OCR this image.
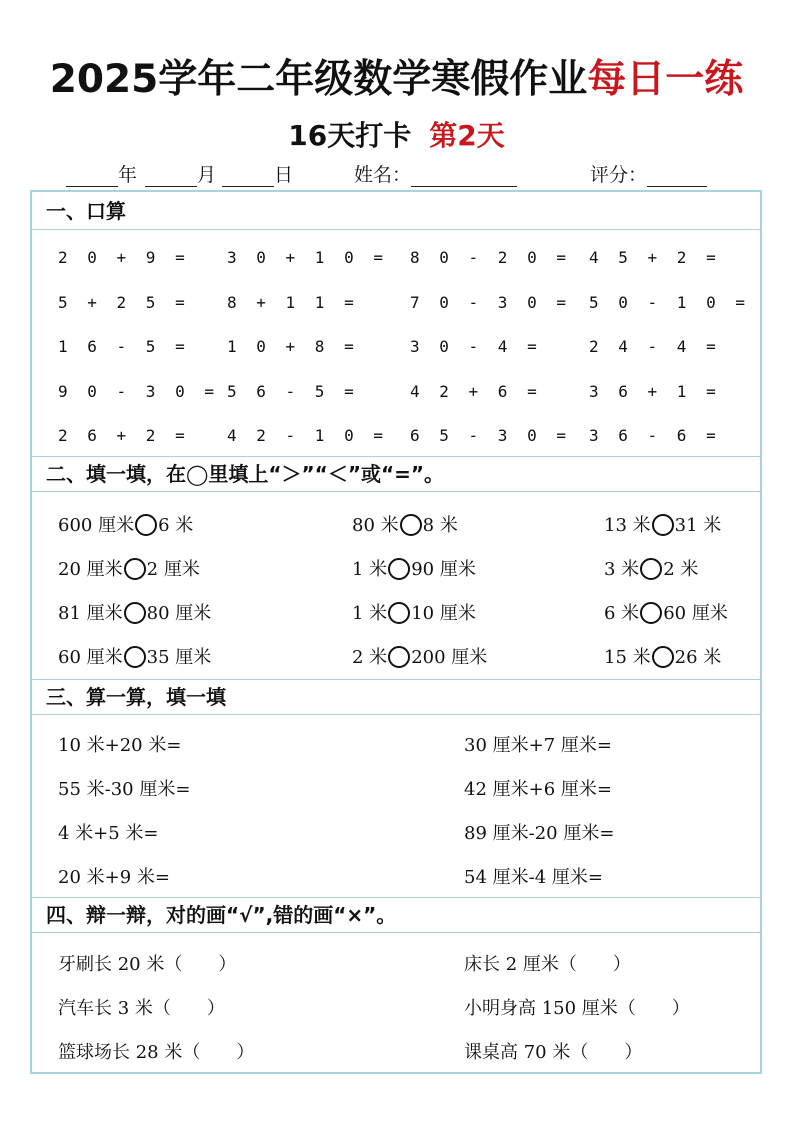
2025学年二年级数学寒假作业每日一练
16天打卡 第2天
年	月	日	姓名：	评分：
一、口算
2 0 + 9 = 3 0 + 1 0 = 8 0 - 2 0 = 4 5 + 2 =
5 + 2 5 = 8 + 1 1 =	7 0 - 3 0 = 5 0 - 1 0 =
1 6 - 5 = 1 0 + 8 =	3 0 - 4 =	2 4 - 4 =
9 0 - 3 0 = 5 6 - 5 =	4 2 + 6 =	3 6 + 1 =
2 6 + 2 = 4 2 - 1 0 = 6 5 - 3 0 = 3 6 - 6 =
二、填一填，在◯里填上“＞”“＜”或“=”。
600 厘米 6 米	80 米 8 米	13 米 31 米
20 厘米 2 厘米	1 米 90 厘米	3 米 2 米
81 厘米 80 厘米	1 米 10 厘米	6 米 60 厘米
60 厘米 35 厘米	2 米 200 厘米	15 米 26 米
三、算一算，填一填
10 米+20 米=	30 厘米+7 厘米=
55 米-30 厘米=	42 厘米+6 厘米=
4 米+5 米=	89 厘米-20 厘米=
20 米+9 米=	54 厘米-4 厘米=
四、辩一辩，对的画“√”,错的画“×”。
牙刷长 20 米（　　）	床长 2 厘米（　　）
汽车长 3 米（　　）	小明身高 150 厘米（　　）
篮球场长 28 米（　　）	课桌高 70 米（　　）
